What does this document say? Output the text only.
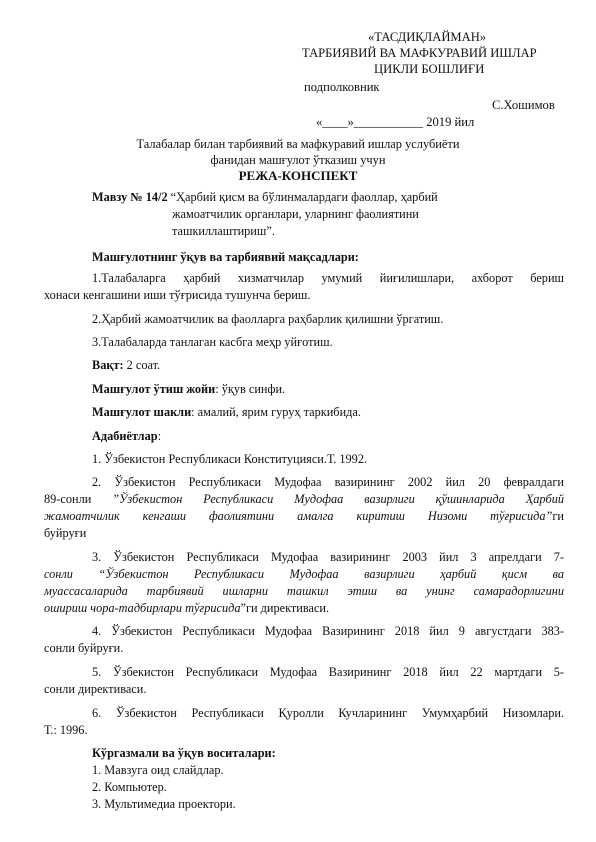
«ТАСДИҚЛАЙМАН»
ТАРБИЯВИЙ ВА МАФКУРАВИЙ ИШЛАР
ЦИКЛИ БОШЛИҒИ
подполковник
С.Хошимов
«____»___________ 2019 йил
Талабалар билан тарбиявий ва мафкуравий ишлар услубиёти
фанидан машғулот ўтказиш учун
РЕЖА-КОНСПЕКТ
Мавзу № 14/2 “Ҳарбий қисм ва бўлинмалардаги фаоллар, ҳарбий
жамоатчилик органлари, уларнинг фаолиятини
ташкиллаштириш”.
Машғулотнинг ўқув ва тарбиявий мақсадлари:
1.Талабаларга ҳарбий хизматчилар умумий йиғилишлари, ахборот бериш
хонаси кенгашини иши тўғрисида тушунча бериш.
2.Ҳарбий жамоатчилик ва фаолларга раҳбарлик қилишни ўргатиш.
3.Талабаларда танлаган касбга меҳр уйғотиш.
Вақт: 2 соат.
Машғулот ўтиш жойи: ўқув синфи.
Машғулот шакли: амалий, ярим гуруҳ таркибида.
Адабиётлар:
1. Ўзбекистон Республикаси Конституцияси.Т. 1992.
2. Ўзбекистон Республикаси Мудофаа вазирининг 2002 йил 20 февралдаги
89-сонли ”Ўзбекистон Республикаси Мудофаа вазирлиги қўшинларида Ҳарбий
жамоатчилик кенгаши фаолиятини амалга киритиш Низоми тўғрисида”ги
буйруғи
3. Ўзбекистон Республикаси Мудофаа вазирининг 2003 йил 3 апрелдаги 7-
сонли “Ўзбекистон Республикаси Мудофаа вазирлиги ҳарбий қисм ва
муассасаларида тарбиявий ишларни ташкил этиш ва унинг самарадорлигини
ошириш чора-тадбирлари тўғрисида”ги директиваси.
4. Ўзбекистон Республикаси Мудофаа Вазирининг 2018 йил 9 августдаги 383-
сонли буйруғи.
5. Ўзбекистон Республикаси Мудофаа Вазирининг 2018 йил 22 мартдаги 5-
сонли директиваси.
6. Ўзбекистон Республикаси Қуролли Кучларининг Умумҳарбий Низомлари.
Т.: 1996.
Кўргазмали ва ўқув воситалари:
1. Мавзуга оид слайдлар.
2. Компьютер.
3. Мультимедиа проектори.
